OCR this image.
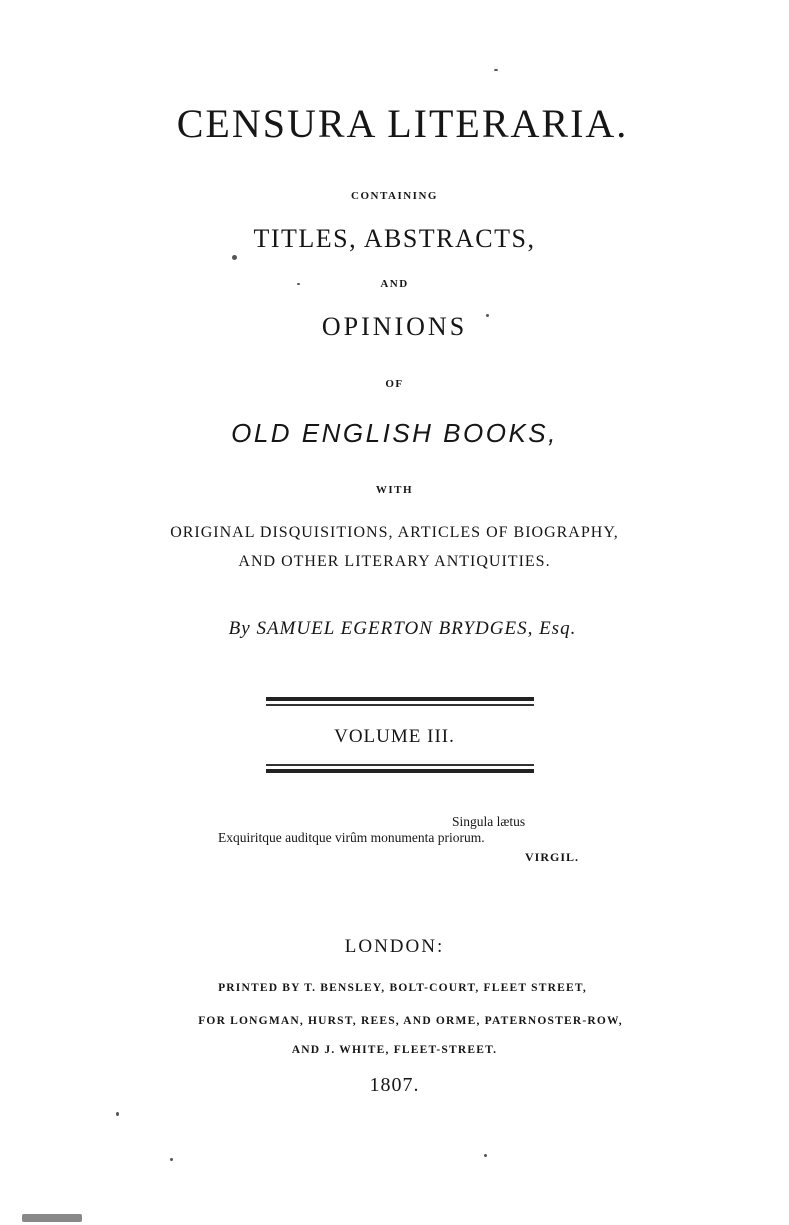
CENSURA LITERARIA.
CONTAINING
TITLES, ABSTRACTS,
AND
OPINIONS
OF
OLD ENGLISH BOOKS,
WITH
ORIGINAL DISQUISITIONS, ARTICLES OF BIOGRAPHY,
AND OTHER LITERARY ANTIQUITIES.
By SAMUEL EGERTON BRYDGES, Esq.
VOLUME III.
Singula lætus
Exquiritque auditque virûm monumenta priorum.
VIRGIL.
LONDON:
PRINTED BY T. BENSLEY, BOLT-COURT, FLEET STREET,
FOR LONGMAN, HURST, REES, AND ORME, PATERNOSTER-ROW,
AND J. WHITE, FLEET-STREET.
1807.
